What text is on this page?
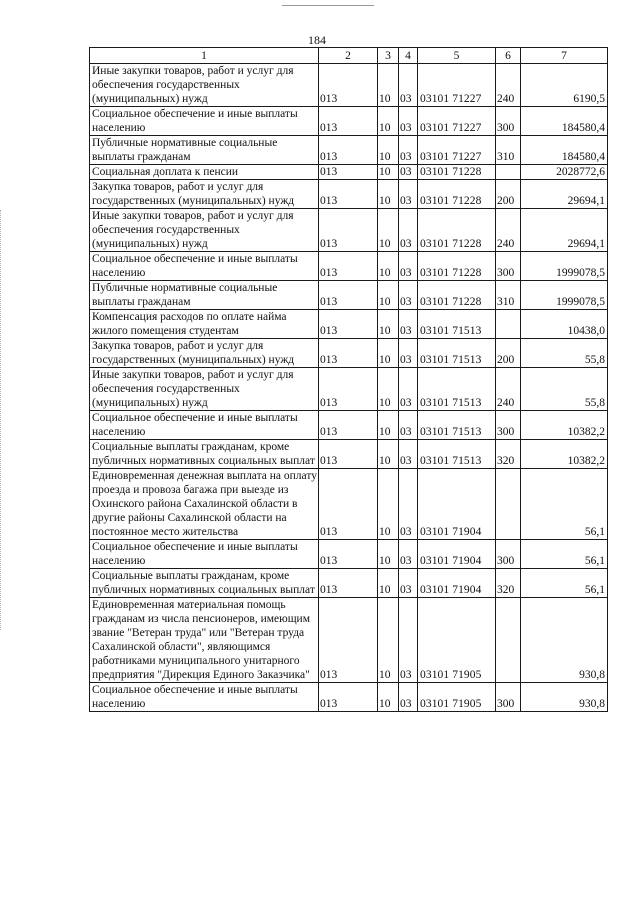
184
1	2	3	4	5	6	7
Иные закупки товаров, работ и услуг для обеспечения государственных (муниципальных) нужд	013	10	03	03101 71227	240	6190,5
Социальное обеспечение и иные выплаты населению	013	10	03	03101 71227	300	184580,4
Публичные нормативные социальные выплаты гражданам	013	10	03	03101 71227	310	184580,4
Социальная доплата к пенсии	013	10	03	03101 71228		2028772,6
Закупка товаров, работ и услуг для государственных (муниципальных) нужд	013	10	03	03101 71228	200	29694,1
Иные закупки товаров, работ и услуг для обеспечения государственных (муниципальных) нужд	013	10	03	03101 71228	240	29694,1
Социальное обеспечение и иные выплаты населению	013	10	03	03101 71228	300	1999078,5
Публичные нормативные социальные выплаты гражданам	013	10	03	03101 71228	310	1999078,5
Компенсация расходов по оплате найма жилого помещения студентам	013	10	03	03101 71513		10438,0
Закупка товаров, работ и услуг для государственных (муниципальных) нужд	013	10	03	03101 71513	200	55,8
Иные закупки товаров, работ и услуг для обеспечения государственных (муниципальных) нужд	013	10	03	03101 71513	240	55,8
Социальное обеспечение и иные выплаты населению	013	10	03	03101 71513	300	10382,2
Социальные выплаты гражданам, кроме публичных нормативных социальных выплат	013	10	03	03101 71513	320	10382,2
Единовременная денежная выплата на оплату проезда и провоза багажа при выезде из Охинского района Сахалинской области в другие районы Сахалинской области на постоянное место жительства	013	10	03	03101 71904		56,1
Социальное обеспечение и иные выплаты населению	013	10	03	03101 71904	300	56,1
Социальные выплаты гражданам, кроме публичных нормативных социальных выплат	013	10	03	03101 71904	320	56,1
Единовременная материальная помощь гражданам из числа пенсионеров, имеющим звание "Ветеран труда" или "Ветеран труда Сахалинской области", являющимся работниками муниципального унитарного предприятия "Дирекция Единого Заказчика"	013	10	03	03101 71905		930,8
Социальное обеспечение и иные выплаты населению	013	10	03	03101 71905	300	930,8
